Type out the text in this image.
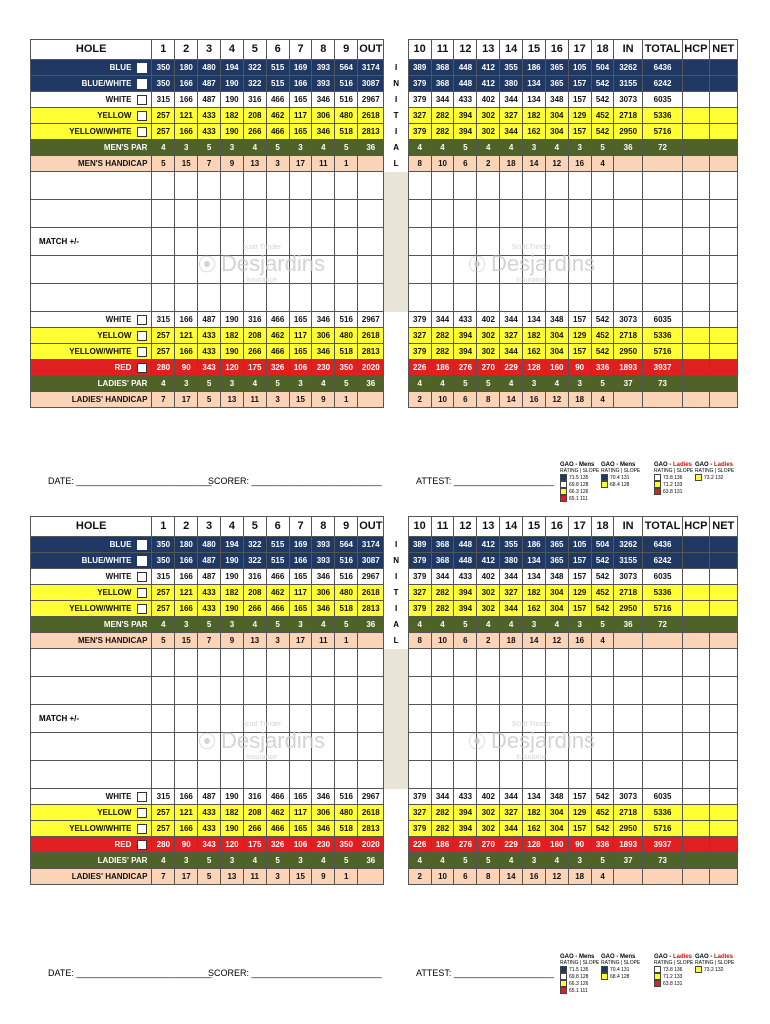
HOLE	1	2	3	4	5	6	7	8	9	OUT		10	11	12	13	14	15	16	17	18	IN	TOTAL	HCP	NET
BLUE	350	180	480	194	322	515	169	393	564	3174	I	389	368	448	412	355	186	365	105	504	3262	6436		
BLUE/WHITE	350	166	487	190	322	515	166	393	516	3087	N	379	368	448	412	380	134	365	157	542	3155	6242		
WHITE	315	166	487	190	316	466	165	346	516	2967	I	379	344	433	402	344	134	348	157	542	3073	6035		
YELLOW	257	121	433	182	208	462	117	306	480	2618	T	327	282	394	302	327	182	304	129	452	2718	5336		
YELLOW/WHITE	257	166	433	190	266	466	165	346	518	2813	I	379	282	394	302	344	162	304	157	542	2950	5716		
MEN'S PAR	4	3	5	3	4	5	3	4	5	36	A	4	4	5	4	4	3	4	3	5	36	72		
MEN'S HANDICAP	5	15	7	9	13	3	17	11	1		L	8	10	6	2	18	14	12	16	4				

MATCH +/-																								

WHITE	315	166	487	190	316	466	165	346	516	2967		379	344	433	402	344	134	348	157	542	3073	6035		
YELLOW	257	121	433	182	208	462	117	306	480	2618		327	282	394	302	327	182	304	129	452	2718	5336		
YELLOW/WHITE	257	166	433	190	266	466	165	346	518	2813		379	282	394	302	344	162	304	157	542	2950	5716		
RED	280	90	343	120	175	326	106	230	350	2020		226	186	276	270	229	128	160	90	336	1893	3937		
LADIES' PAR	4	3	5	3	4	5	3	4	5	36		4	4	5	5	4	3	4	3	5	37	73		
LADIES' HANDICAP	7	17	5	13	11	3	15	9	1			2	10	6	8	14	16	12	18	4				
Scott Trinder
⦿ Desjardins
Insurance
Scott Trinder
⦿ Desjardins
Insurance
DATE: ___________________________
SCORER: __________________________	ATTEST: ____________________
GAO - Mens
RATING | SLOPE
71.5 135
69.8 128
66.3 126
65.1 111
GAO - Mens
RATING | SLOPE
70.4 131
68.4 128
GAO - Ladies
RATING | SLOPE
73.8 136
71.2 133
63.8 131
GAO - Ladies
RATING | SLOPE
73.2 132
HOLE	1	2	3	4	5	6	7	8	9	OUT		10	11	12	13	14	15	16	17	18	IN	TOTAL	HCP	NET
BLUE	350	180	480	194	322	515	169	393	564	3174	I	389	368	448	412	355	186	365	105	504	3262	6436		
BLUE/WHITE	350	166	487	190	322	515	166	393	516	3087	N	379	368	448	412	380	134	365	157	542	3155	6242		
WHITE	315	166	487	190	316	466	165	346	516	2967	I	379	344	433	402	344	134	348	157	542	3073	6035		
YELLOW	257	121	433	182	208	462	117	306	480	2618	T	327	282	394	302	327	182	304	129	452	2718	5336		
YELLOW/WHITE	257	166	433	190	266	466	165	346	518	2813	I	379	282	394	302	344	162	304	157	542	2950	5716		
MEN'S PAR	4	3	5	3	4	5	3	4	5	36	A	4	4	5	4	4	3	4	3	5	36	72		
MEN'S HANDICAP	5	15	7	9	13	3	17	11	1		L	8	10	6	2	18	14	12	16	4				

MATCH +/-																								

WHITE	315	166	487	190	316	466	165	346	516	2967		379	344	433	402	344	134	348	157	542	3073	6035		
YELLOW	257	121	433	182	208	462	117	306	480	2618		327	282	394	302	327	182	304	129	452	2718	5336		
YELLOW/WHITE	257	166	433	190	266	466	165	346	518	2813		379	282	394	302	344	162	304	157	542	2950	5716		
RED	280	90	343	120	175	326	106	230	350	2020		226	186	276	270	229	128	160	90	336	1893	3937		
LADIES' PAR	4	3	5	3	4	5	3	4	5	36		4	4	5	5	4	3	4	3	5	37	73		
LADIES' HANDICAP	7	17	5	13	11	3	15	9	1			2	10	6	8	14	16	12	18	4				
Scott Trinder
⦿ Desjardins
Insurance
Scott Trinder
⦿ Desjardins
Insurance
DATE: ___________________________
SCORER: __________________________	ATTEST: ____________________
GAO - Mens
RATING | SLOPE
71.5 135
69.8 128
66.3 126
65.1 111
GAO - Mens
RATING | SLOPE
70.4 131
68.4 128
GAO - Ladies
RATING | SLOPE
73.8 136
71.2 133
63.8 131
GAO - Ladies
RATING | SLOPE
73.2 132
